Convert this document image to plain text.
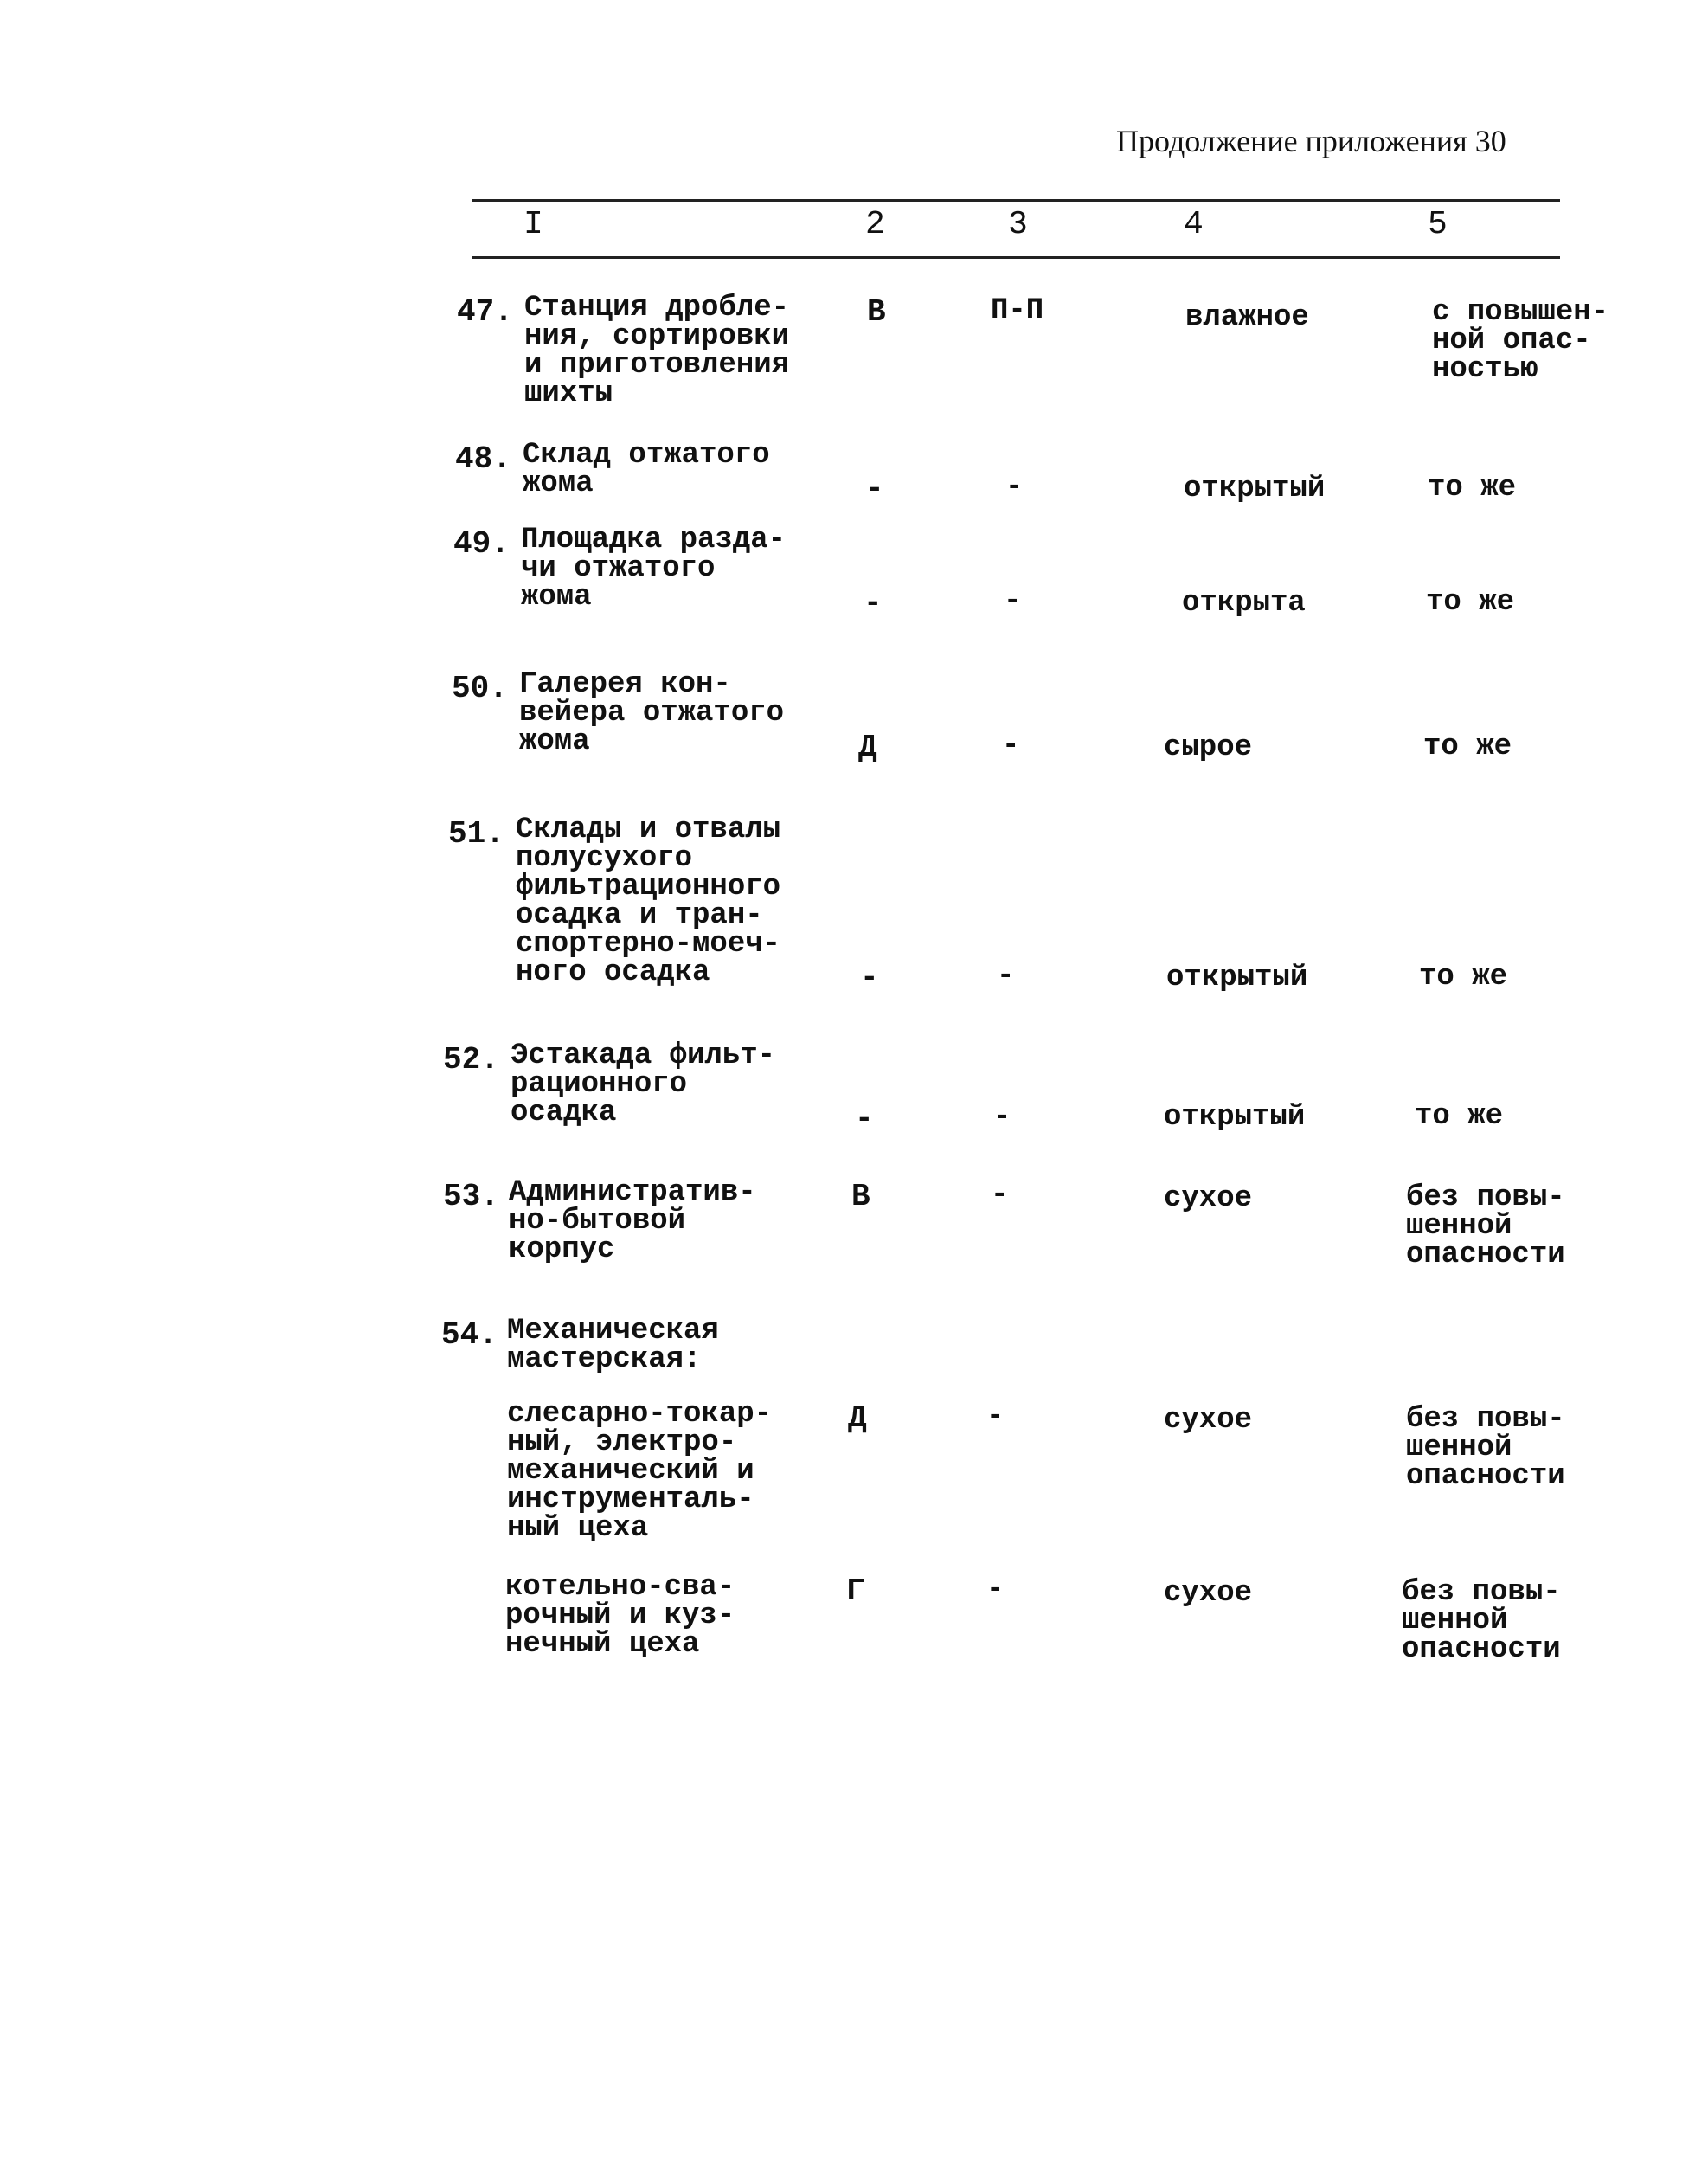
Продолжение приложения 30
I	2	3	4	5
47. Станция дробле-
ния, сортировки
и приготовления
шихты
В	П-П	влажное	с повышен-
ной опас-
ностью
48. Склад отжатого
жома	-	-	открытый	то же
49. Площадка разда-
чи отжатого
жома	-	-	открыта	то же
50. Галерея кон-
вейера отжатого
жома	Д	-	сырое	то же
51. Склады и отвалы
полусухого
фильтрационного
осадка и тран-
спортерно-моеч-
ного осадка	-	-	открытый	то же
52. Эстакада фильт-
рационного
осадка	-	-	открытый	то же
53. Административ-
но-бытовой
корпус
В	-	сухое	без повы-
шенной
опасности
54. Механическая
мастерская:
слесарно-токар-
ный, электро-
механический и
инструменталь-
ный цеха
Д	-	сухое	без повы-
шенной
опасности
котельно-сва-
рочный и куз-
нечный цеха
Г	-	сухое	без повы-
шенной
опасности
